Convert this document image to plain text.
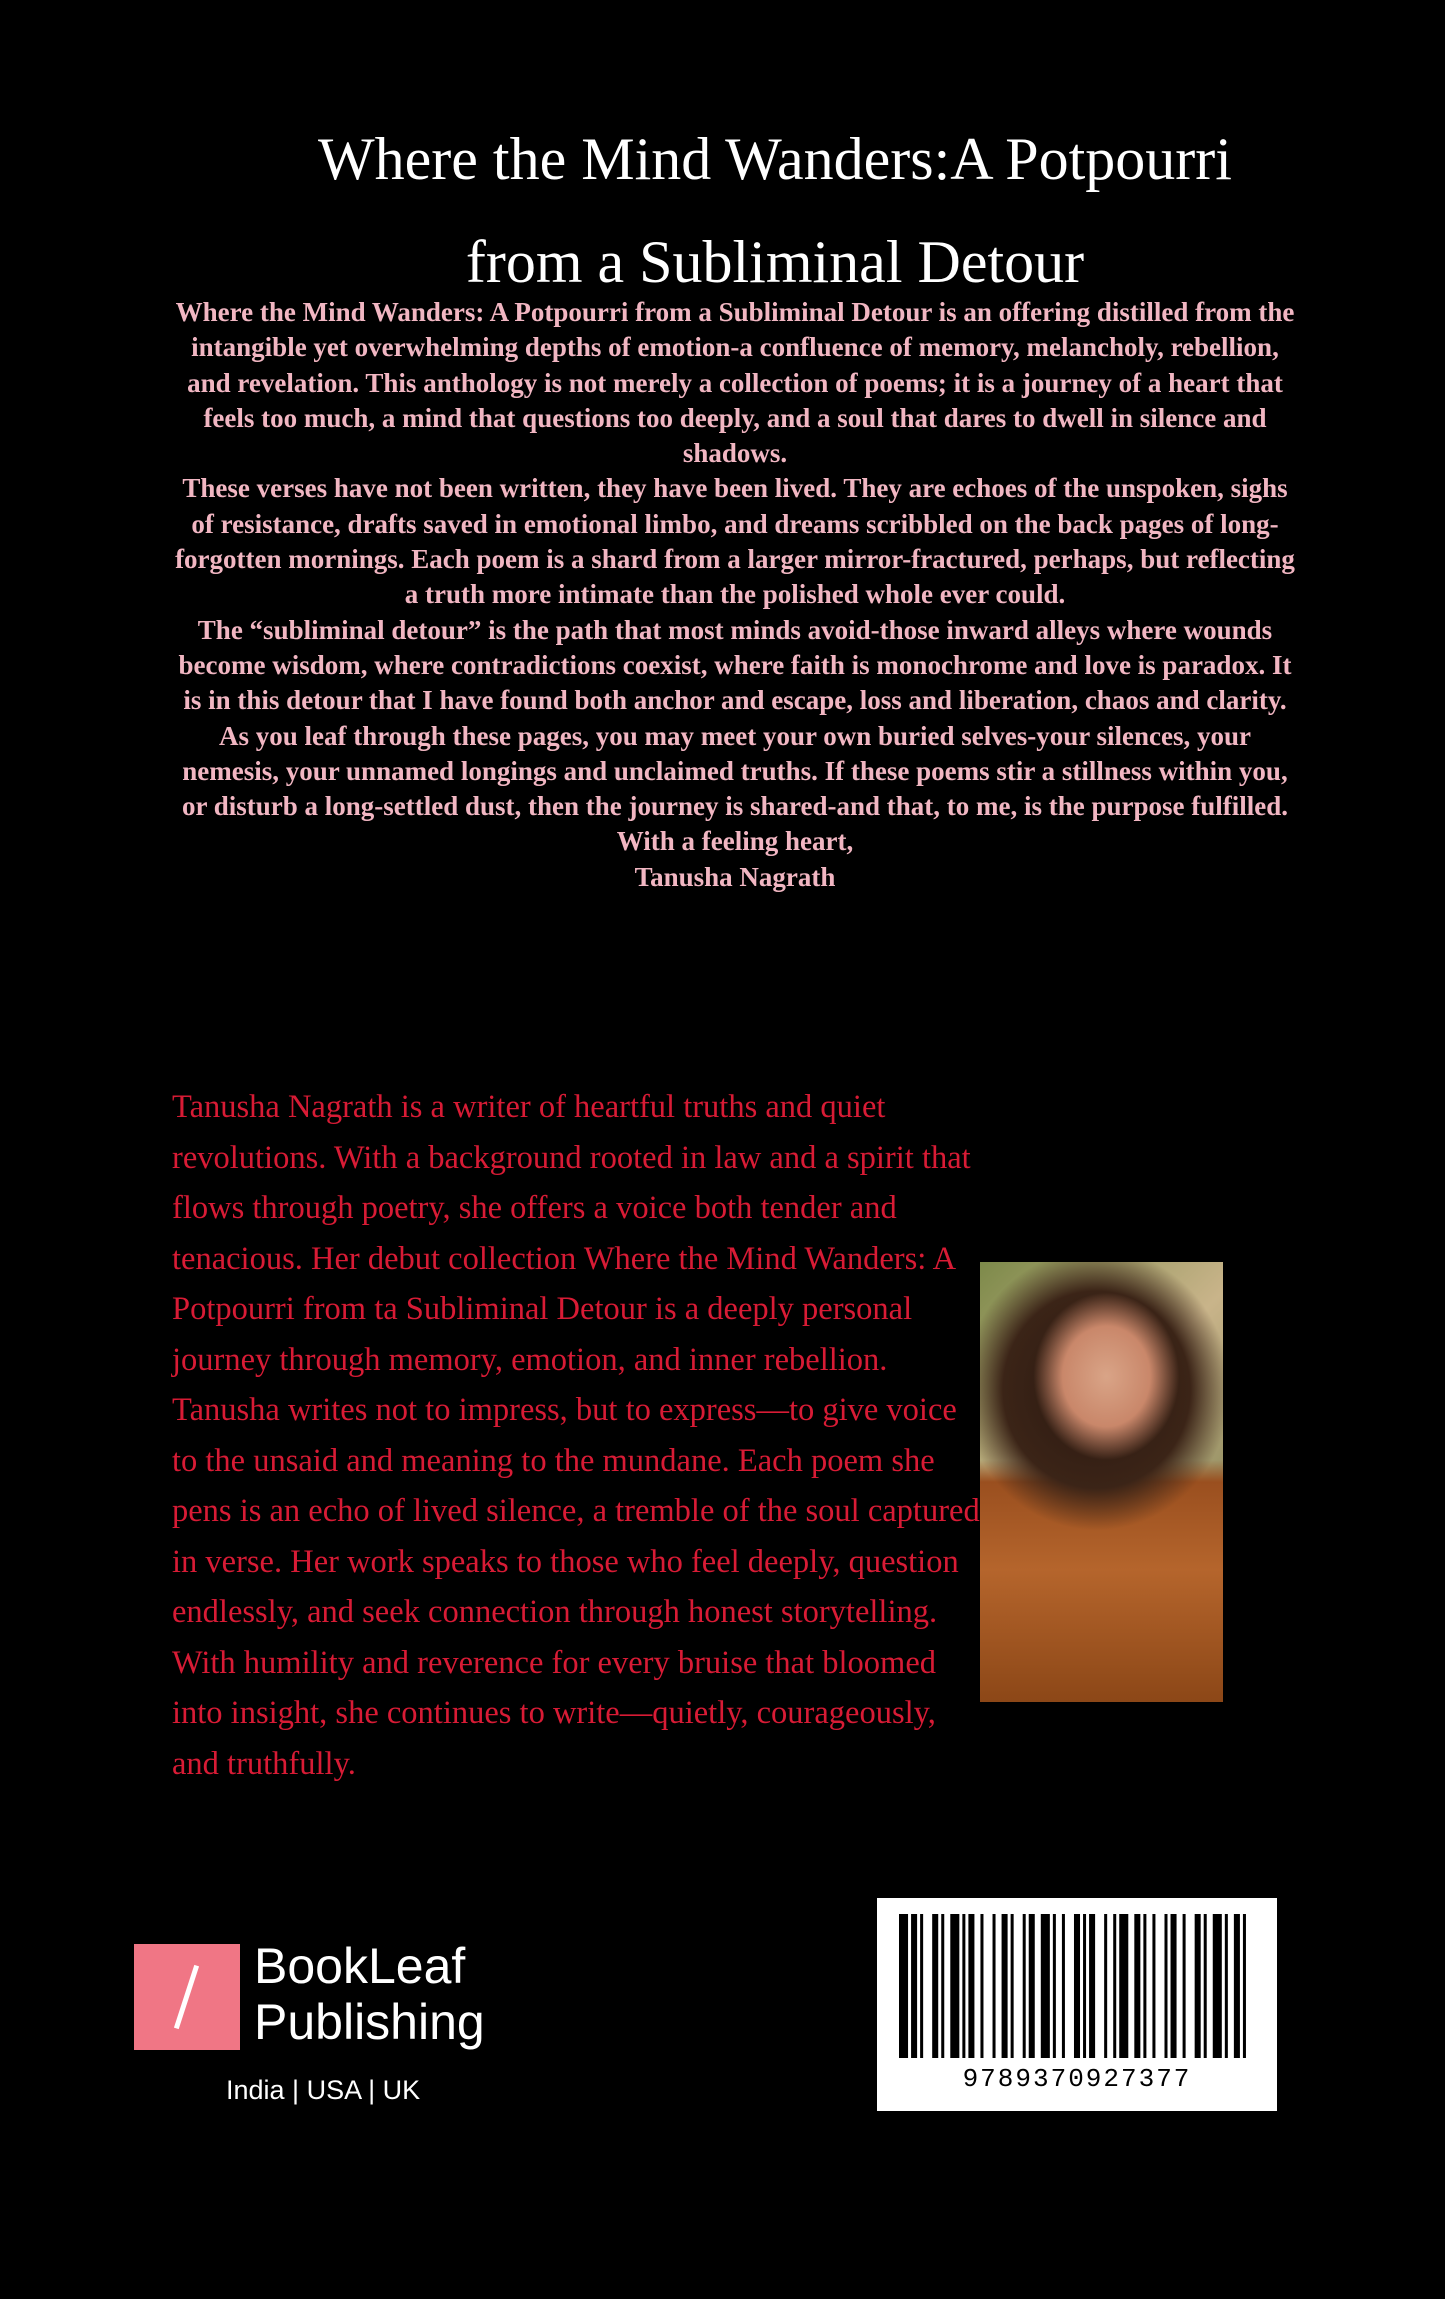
Where the Mind Wanders:A Potpourri
from a Subliminal Detour

Where the Mind Wanders: A Potpourri from a Subliminal Detour is an offering distilled from the intangible yet overwhelming depths of emotion-a confluence of memory, melancholy, rebellion, and revelation. This anthology is not merely a collection of poems; it is a journey of a heart that feels too much, a mind that questions too deeply, and a soul that dares to dwell in silence and shadows.

These verses have not been written, they have been lived. They are echoes of the unspoken, sighs of resistance, drafts saved in emotional limbo, and dreams scribbled on the back pages of long-forgotten mornings. Each poem is a shard from a larger mirror-fractured, perhaps, but reflecting a truth more intimate than the polished whole ever could.

The “subliminal detour” is the path that most minds avoid-those inward alleys where wounds become wisdom, where contradictions coexist, where faith is monochrome and love is paradox. It is in this detour that I have found both anchor and escape, loss and liberation, chaos and clarity.

As you leaf through these pages, you may meet your own buried selves-your silences, your nemesis, your unnamed longings and unclaimed truths. If these poems stir a stillness within you, or disturb a long-settled dust, then the journey is shared-and that, to me, is the purpose fulfilled.

With a feeling heart,

Tanusha Nagrath

Tanusha Nagrath is a writer of heartful truths and quiet revolutions. With a background rooted in law and a spirit that flows through poetry, she offers a voice both tender and tenacious. Her debut collection Where the Mind Wanders: A Potpourri from ta Subliminal Detour is a deeply personal journey through memory, emotion, and inner rebellion. Tanusha writes not to impress, but to express—to give voice to the unsaid and meaning to the mundane. Each poem she pens is an echo of lived silence, a tremble of the soul captured in verse. Her work speaks to those who feel deeply, question endlessly, and seek connection through honest storytelling. With humility and reverence for every bruise that bloomed into insight, she continues to write—quietly, courageously, and truthfully.

BookLeaf
Publishing
India | USA | UK	9789370927377
